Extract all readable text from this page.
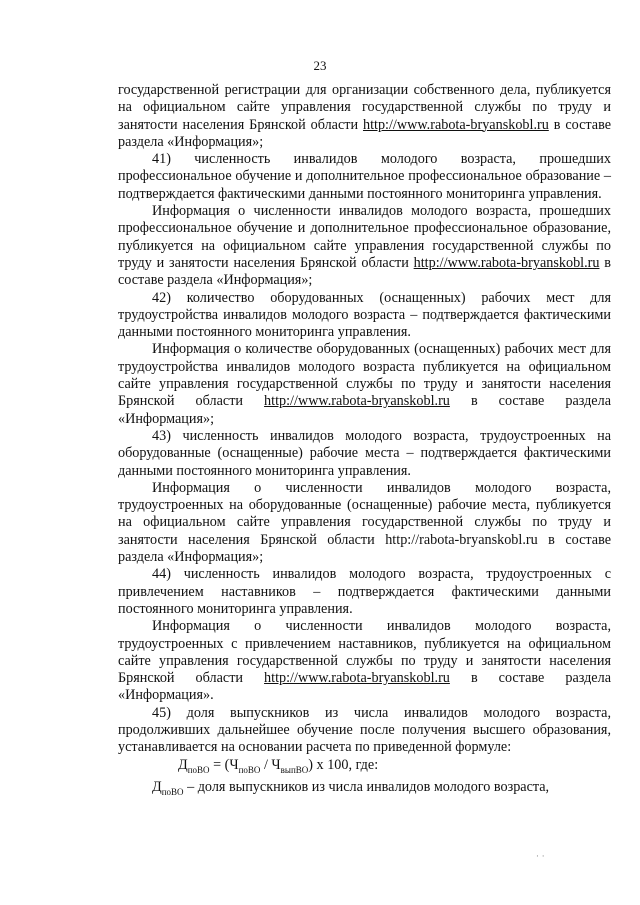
23

государственной регистрации для организации собственного дела, публикуется на официальном сайте управления государственной службы по труду и занятости населения Брянской области http://www.rabota-bryanskobl.ru в составе раздела «Информация»;

41) численность инвалидов молодого возраста, прошедших профессиональное обучение и дополнительное профессиональное образование – подтверждается фактическими данными постоянного мониторинга управления.

Информация о численности инвалидов молодого возраста, прошедших профессиональное обучение и дополнительное профессиональное образование, публикуется на официальном сайте управления государственной службы по труду и занятости населения Брянской области http://www.rabota-bryanskobl.ru в составе раздела «Информация»;

42) количество оборудованных (оснащенных) рабочих мест для трудоустройства инвалидов молодого возраста – подтверждается фактическими данными постоянного мониторинга управления.

Информация о количестве оборудованных (оснащенных) рабочих мест для трудоустройства инвалидов молодого возраста публикуется на официальном сайте управления государственной службы по труду и занятости населения Брянской области http://www.rabota-bryanskobl.ru в составе раздела «Информация»;

43) численность инвалидов молодого возраста, трудоустроенных на оборудованные (оснащенные) рабочие места – подтверждается фактическими данными постоянного мониторинга управления.

Информация о численности инвалидов молодого возраста, трудоустроенных на оборудованные (оснащенные) рабочие места, публикуется на официальном сайте управления государственной службы по труду и занятости населения Брянской области http://rabota-bryanskobl.ru в составе раздела «Информация»;

44) численность инвалидов молодого возраста, трудоустроенных с привлечением наставников – подтверждается фактическими данными постоянного мониторинга управления.

Информация о численности инвалидов молодого возраста, трудоустроенных с привлечением наставников, публикуется на официальном сайте управления государственной службы по труду и занятости населения Брянской области http://www.rabota-bryanskobl.ru в составе раздела «Информация».

45) доля выпускников из числа инвалидов молодого возраста, продолживших дальнейшее обучение после получения высшего образования, устанавливается на основании расчета по приведенной формуле:

$Д_{поВО} = (Ч_{поВО} / Ч_{выпВО})$ х 100, где:

$Д_{поВО}$ – доля выпускников из числа инвалидов молодого возраста,

· ·
